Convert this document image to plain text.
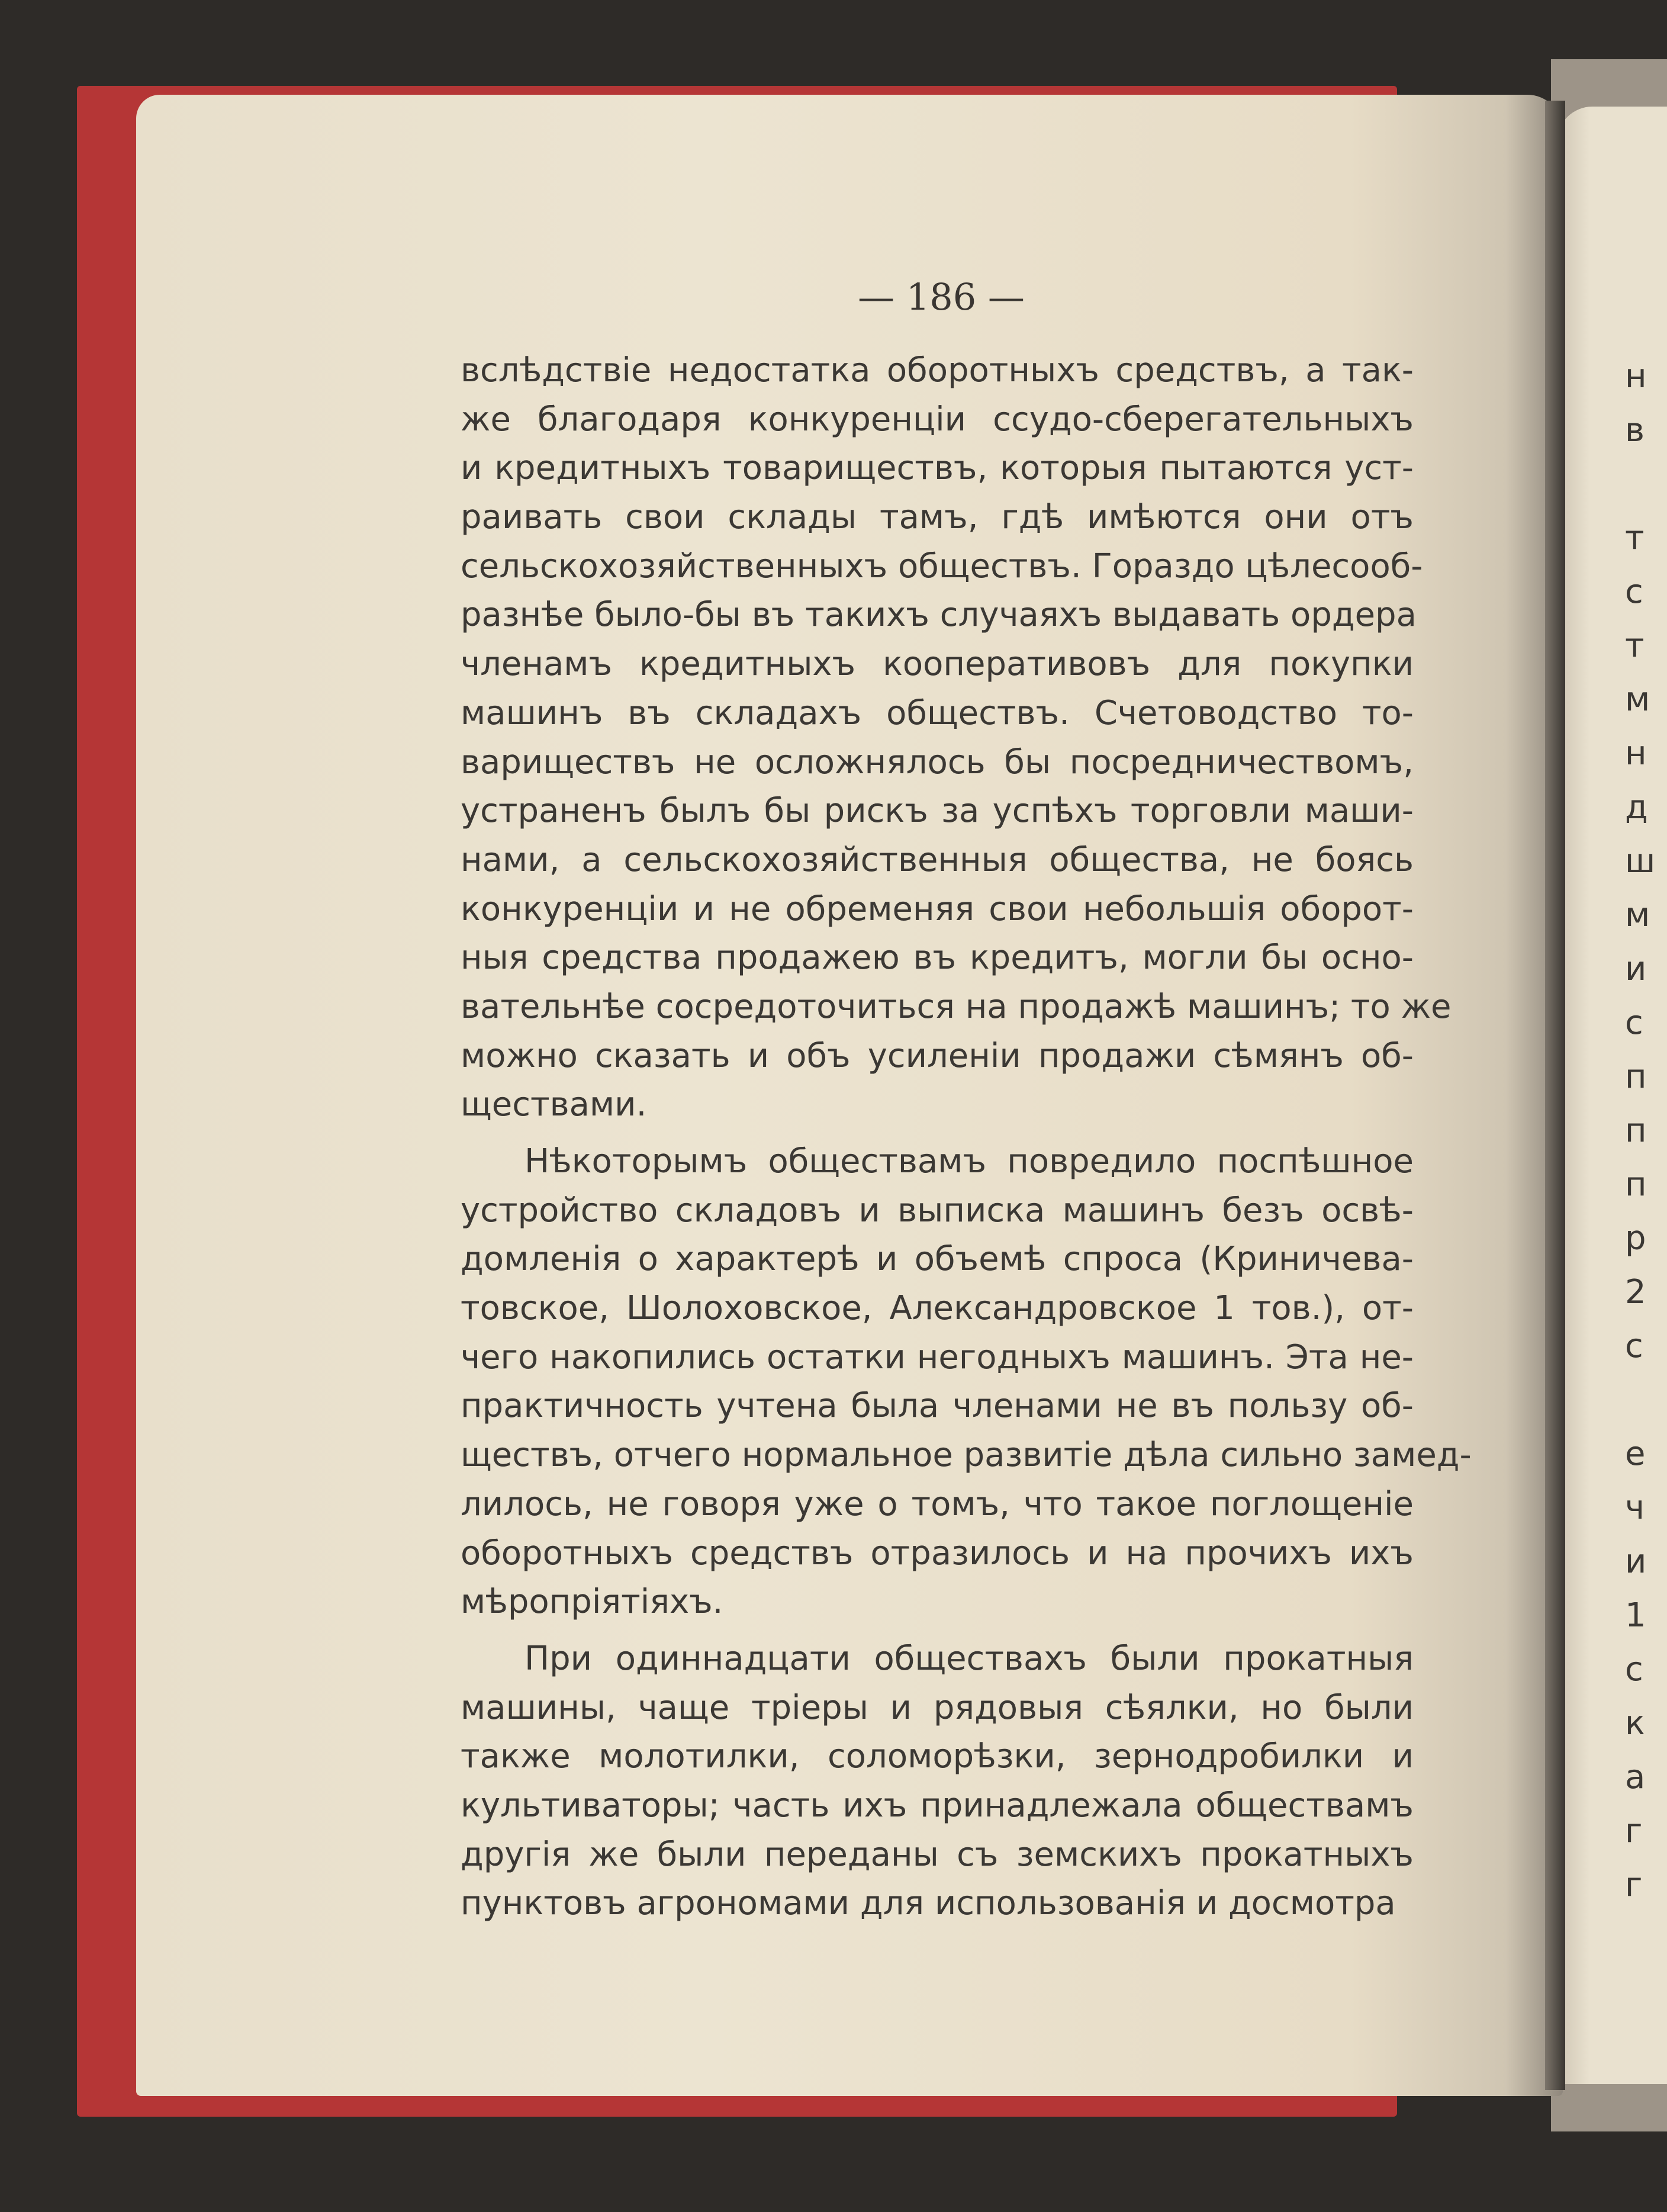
— 186 —
вслѣдствіе недостатка оборотныхъ средствъ, а так-
же благодаря конкуренціи ссудо-сберегательныхъ
и кредитныхъ товариществъ, которыя пытаются уст-
раивать свои склады тамъ, гдѣ имѣются они отъ
сельскохозяйственныхъ обществъ. Гораздо цѣлесооб-
разнѣе было-бы въ такихъ случаяхъ выдавать ордера
членамъ кредитныхъ кооперативовъ для покупки
машинъ въ складахъ обществъ. Счетоводство то-
вариществъ не осложнялось бы посредничествомъ,
устраненъ былъ бы рискъ за успѣхъ торговли маши-
нами, а сельскохозяйственныя общества, не боясь
конкуренціи и не обременяя свои небольшія оборот-
ныя средства продажею въ кредитъ, могли бы осно-
вательнѣе сосредоточиться на продажѣ машинъ; то же
можно сказать и объ усиленіи продажи сѣмянъ об-
ществами.
Нѣкоторымъ обществамъ повредило поспѣшное
устройство складовъ и выписка машинъ безъ освѣ-
домленія о характерѣ и объемѣ спроса (Криничева-
товское, Шолоховское, Александровское 1 тов.), от-
чего накопились остатки негодныхъ машинъ. Эта не-
практичность учтена была членами не въ пользу об-
ществъ, отчего нормальное развитіе дѣла сильно замед-
лилось, не говоря уже о томъ, что такое поглощеніе
оборотныхъ средствъ отразилось и на прочихъ ихъ
мѣропріятіяхъ.
При одиннадцати обществахъ были прокатныя
машины, чаще тріеры и рядовыя сѣялки, но были
также молотилки, соломорѣзки, зернодробилки и
культиваторы; часть ихъ принадлежала обществамъ
другія же были переданы съ земскихъ прокатныхъ
пунктовъ агрономами для использованія и досмотра
н
в
т
с
т
м
н
д
ш
м
и
с
п
п
п
р
2
с
е
ч
и
1
с
к
а
г
г
